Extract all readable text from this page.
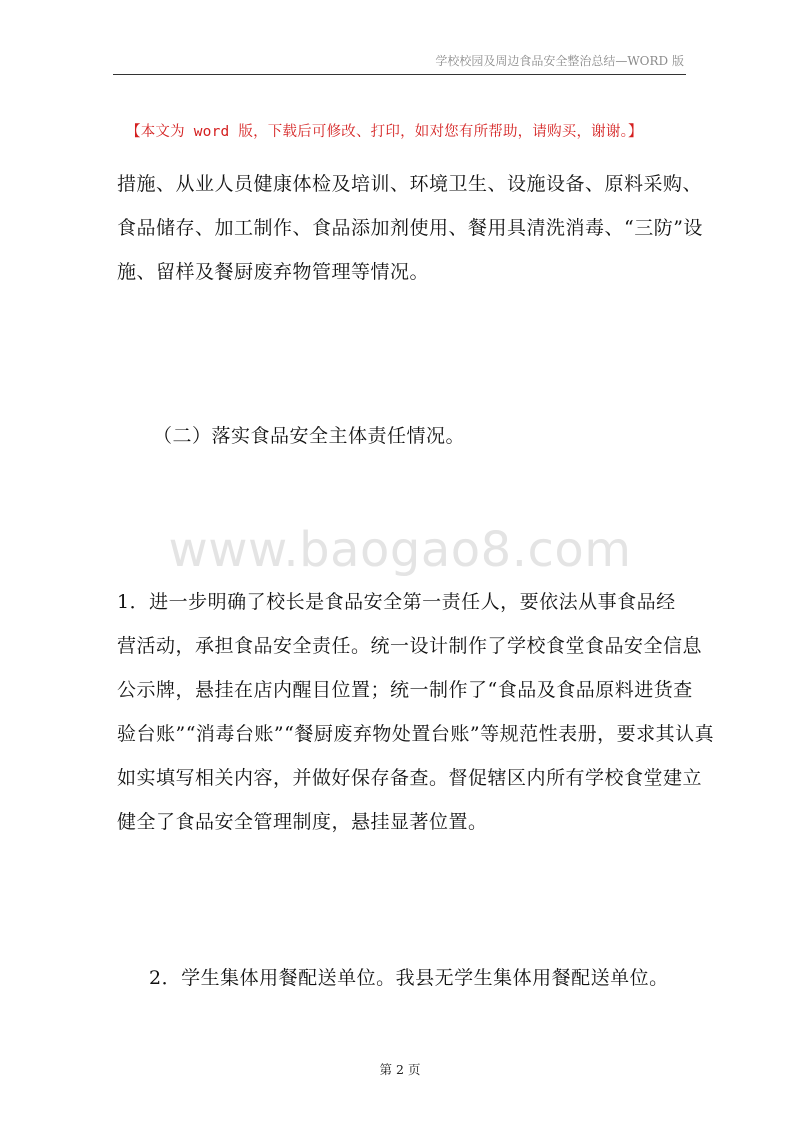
学校校园及周边食品安全整治总结—WORD 版
【本文为 word 版，下载后可修改、打印，如对您有所帮助，请购买，谢谢。】
措施、从业人员健康体检及培训、环境卫生、设施设备、原料采购、
食品储存、加工制作、食品添加剂使用、餐用具清洗消毒、“三防”设
施、留样及餐厨废弃物管理等情况。
（二）落实食品安全主体责任情况。
www.baogao8.com
1．进一步明确了校长是食品安全第一责任人，要依法从事食品经
营活动，承担食品安全责任。统一设计制作了学校食堂食品安全信息
公示牌，悬挂在店内醒目位置；统一制作了“食品及食品原料进货查
验台账”“消毒台账”“餐厨废弃物处置台账”等规范性表册，要求其认真
如实填写相关内容，并做好保存备查。督促辖区内所有学校食堂建立
健全了食品安全管理制度，悬挂显著位置。
2．学生集体用餐配送单位。我县无学生集体用餐配送单位。
第 2 页
